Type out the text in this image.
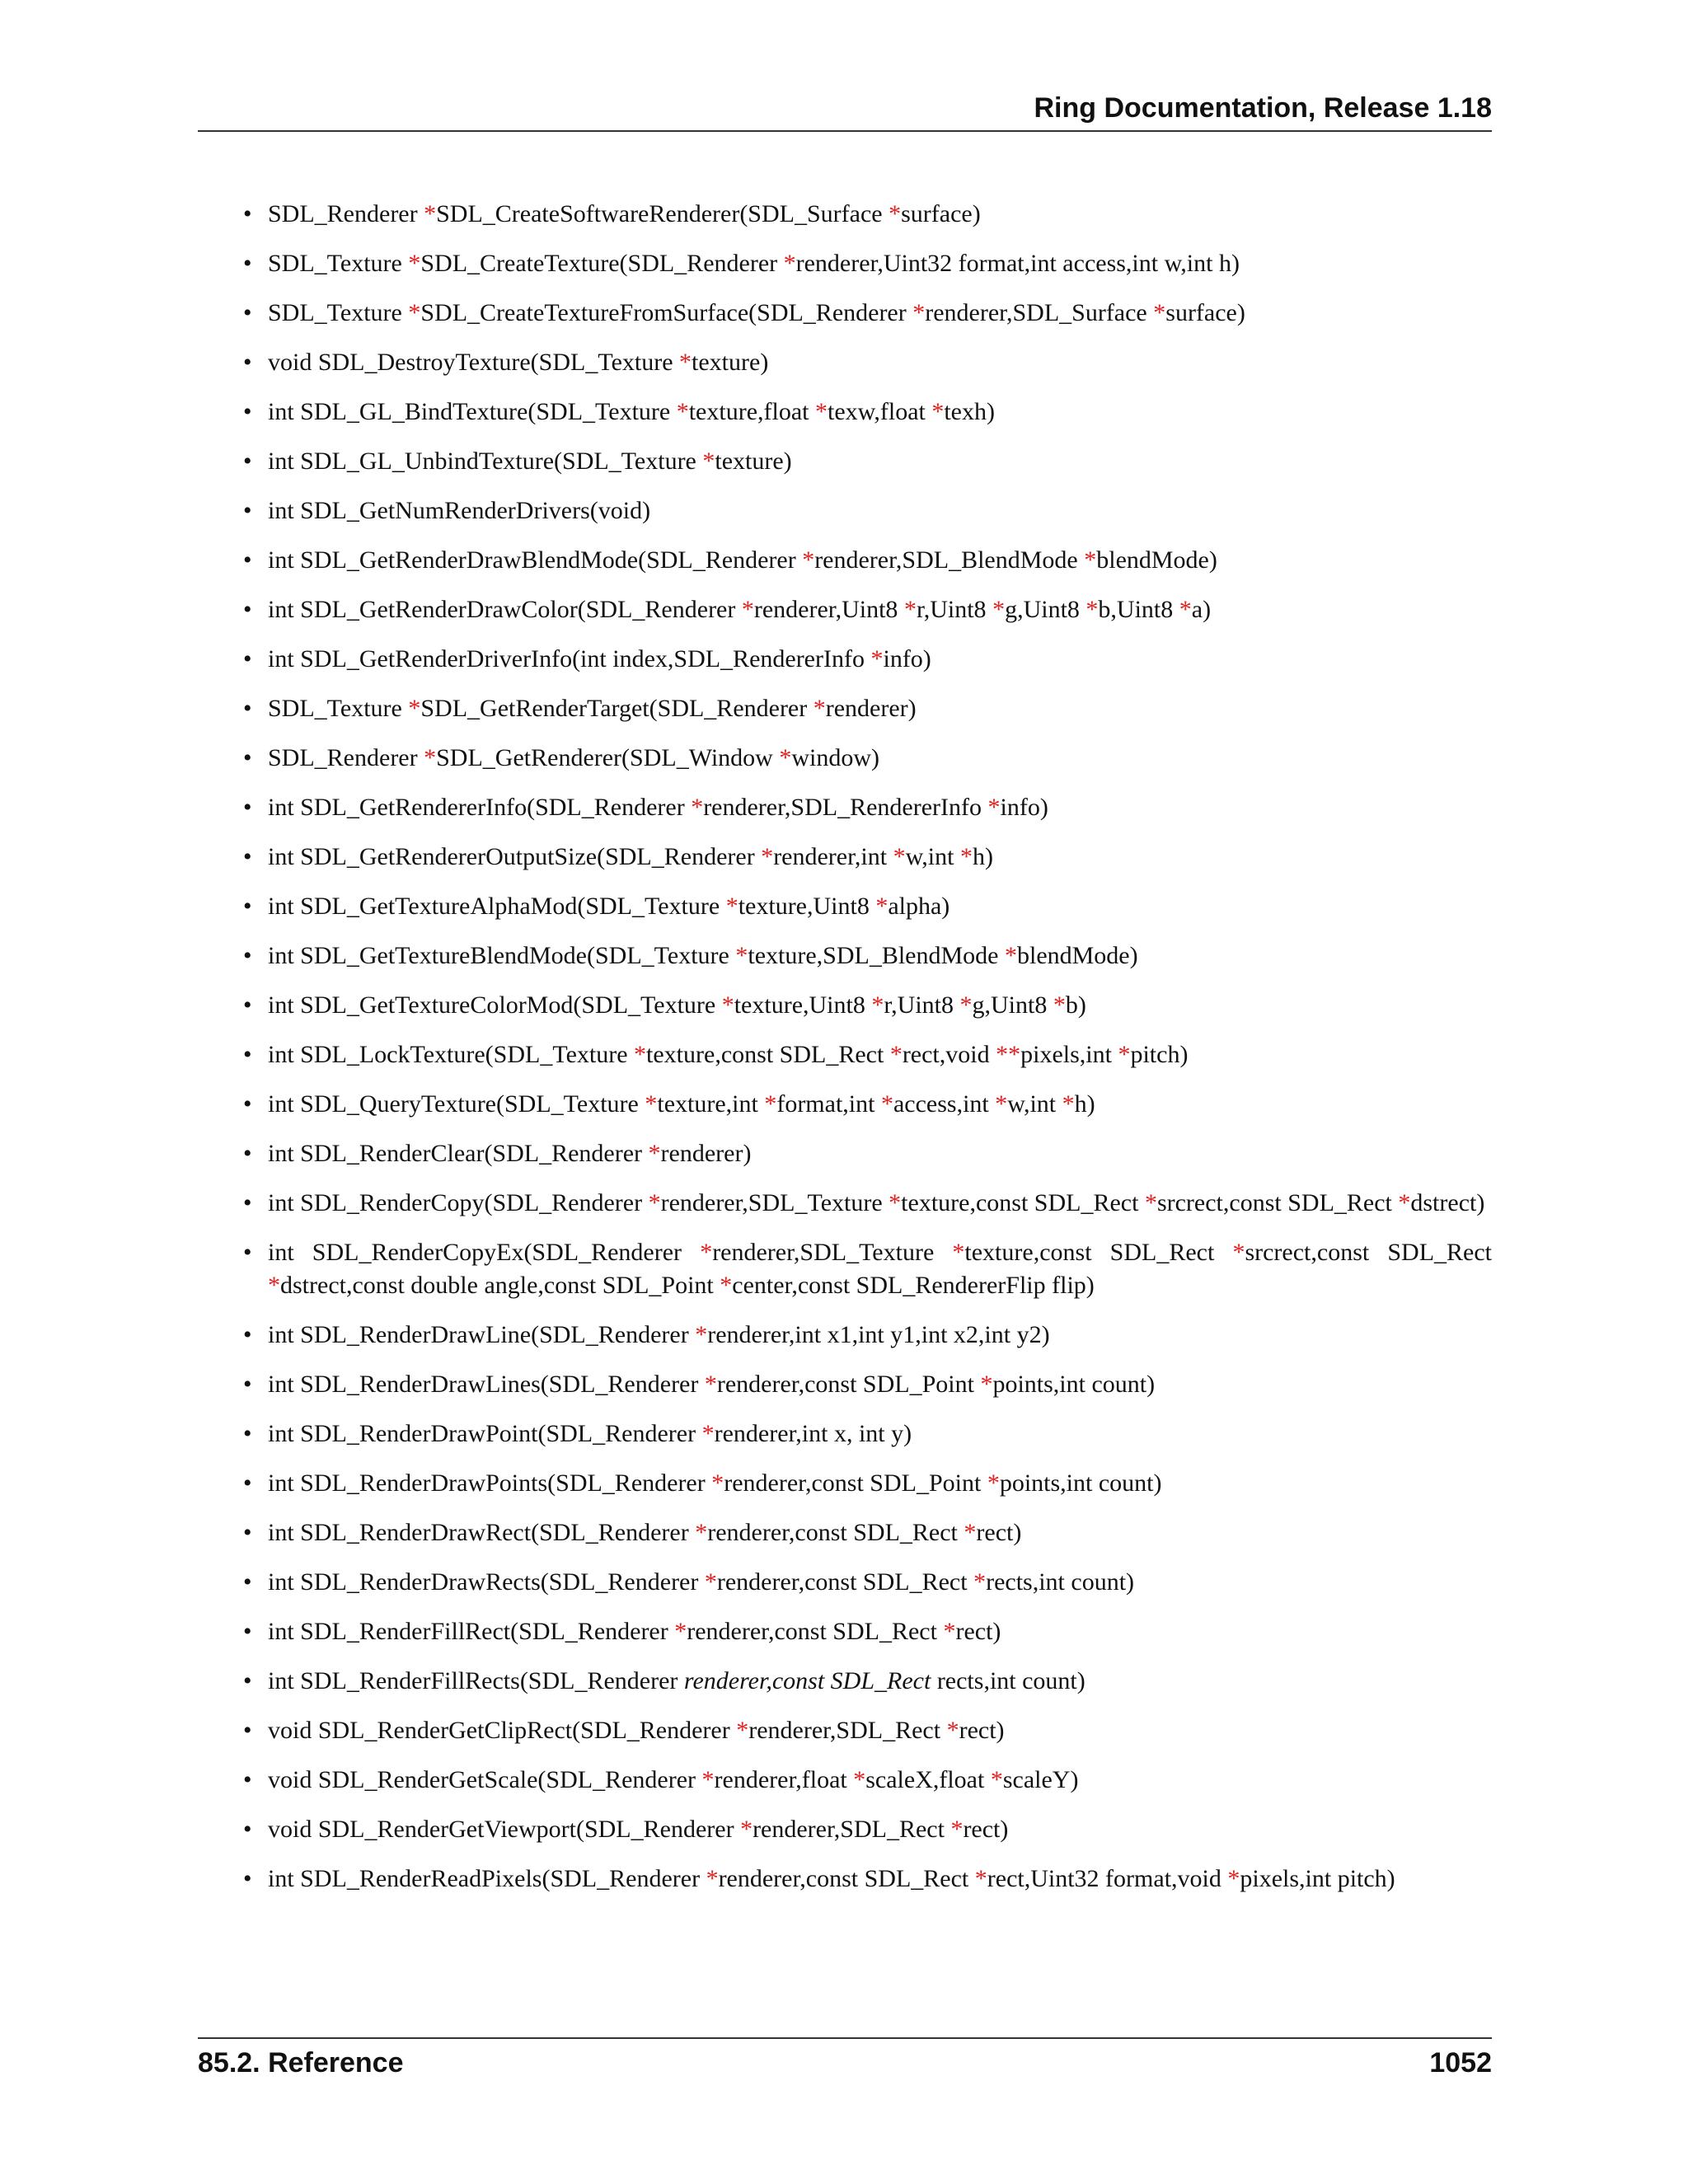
Ring Documentation, Release 1.18
• SDL_Renderer *SDL_CreateSoftwareRenderer(SDL_Surface *surface)
• SDL_Texture *SDL_CreateTexture(SDL_Renderer *renderer,Uint32 format,int access,int w,int h)
• SDL_Texture *SDL_CreateTextureFromSurface(SDL_Renderer *renderer,SDL_Surface *surface)
• void SDL_DestroyTexture(SDL_Texture *texture)
• int SDL_GL_BindTexture(SDL_Texture *texture,float *texw,float *texh)
• int SDL_GL_UnbindTexture(SDL_Texture *texture)
• int SDL_GetNumRenderDrivers(void)
• int SDL_GetRenderDrawBlendMode(SDL_Renderer *renderer,SDL_BlendMode *blendMode)
• int SDL_GetRenderDrawColor(SDL_Renderer *renderer,Uint8 *r,Uint8 *g,Uint8 *b,Uint8 *a)
• int SDL_GetRenderDriverInfo(int index,SDL_RendererInfo *info)
• SDL_Texture *SDL_GetRenderTarget(SDL_Renderer *renderer)
• SDL_Renderer *SDL_GetRenderer(SDL_Window *window)
• int SDL_GetRendererInfo(SDL_Renderer *renderer,SDL_RendererInfo *info)
• int SDL_GetRendererOutputSize(SDL_Renderer *renderer,int *w,int *h)
• int SDL_GetTextureAlphaMod(SDL_Texture *texture,Uint8 *alpha)
• int SDL_GetTextureBlendMode(SDL_Texture *texture,SDL_BlendMode *blendMode)
• int SDL_GetTextureColorMod(SDL_Texture *texture,Uint8 *r,Uint8 *g,Uint8 *b)
• int SDL_LockTexture(SDL_Texture *texture,const SDL_Rect *rect,void **pixels,int *pitch)
• int SDL_QueryTexture(SDL_Texture *texture,int *format,int *access,int *w,int *h)
• int SDL_RenderClear(SDL_Renderer *renderer)
• int SDL_RenderCopy(SDL_Renderer *renderer,SDL_Texture *texture,const SDL_Rect *srcrect,const SDL_Rect *dstrect)
• int SDL_RenderCopyEx(SDL_Renderer *renderer,SDL_Texture *texture,const SDL_Rect *srcrect,const SDL_Rect *dstrect,const double angle,const SDL_Point *center,const SDL_RendererFlip flip)
• int SDL_RenderDrawLine(SDL_Renderer *renderer,int x1,int y1,int x2,int y2)
• int SDL_RenderDrawLines(SDL_Renderer *renderer,const SDL_Point *points,int count)
• int SDL_RenderDrawPoint(SDL_Renderer *renderer,int x, int y)
• int SDL_RenderDrawPoints(SDL_Renderer *renderer,const SDL_Point *points,int count)
• int SDL_RenderDrawRect(SDL_Renderer *renderer,const SDL_Rect *rect)
• int SDL_RenderDrawRects(SDL_Renderer *renderer,const SDL_Rect *rects,int count)
• int SDL_RenderFillRect(SDL_Renderer *renderer,const SDL_Rect *rect)
• int SDL_RenderFillRects(SDL_Renderer renderer,const SDL_Rect rects,int count)
• void SDL_RenderGetClipRect(SDL_Renderer *renderer,SDL_Rect *rect)
• void SDL_RenderGetScale(SDL_Renderer *renderer,float *scaleX,float *scaleY)
• void SDL_RenderGetViewport(SDL_Renderer *renderer,SDL_Rect *rect)
• int SDL_RenderReadPixels(SDL_Renderer *renderer,const SDL_Rect *rect,Uint32 format,void *pixels,int pitch)
85.2. Reference	1052
